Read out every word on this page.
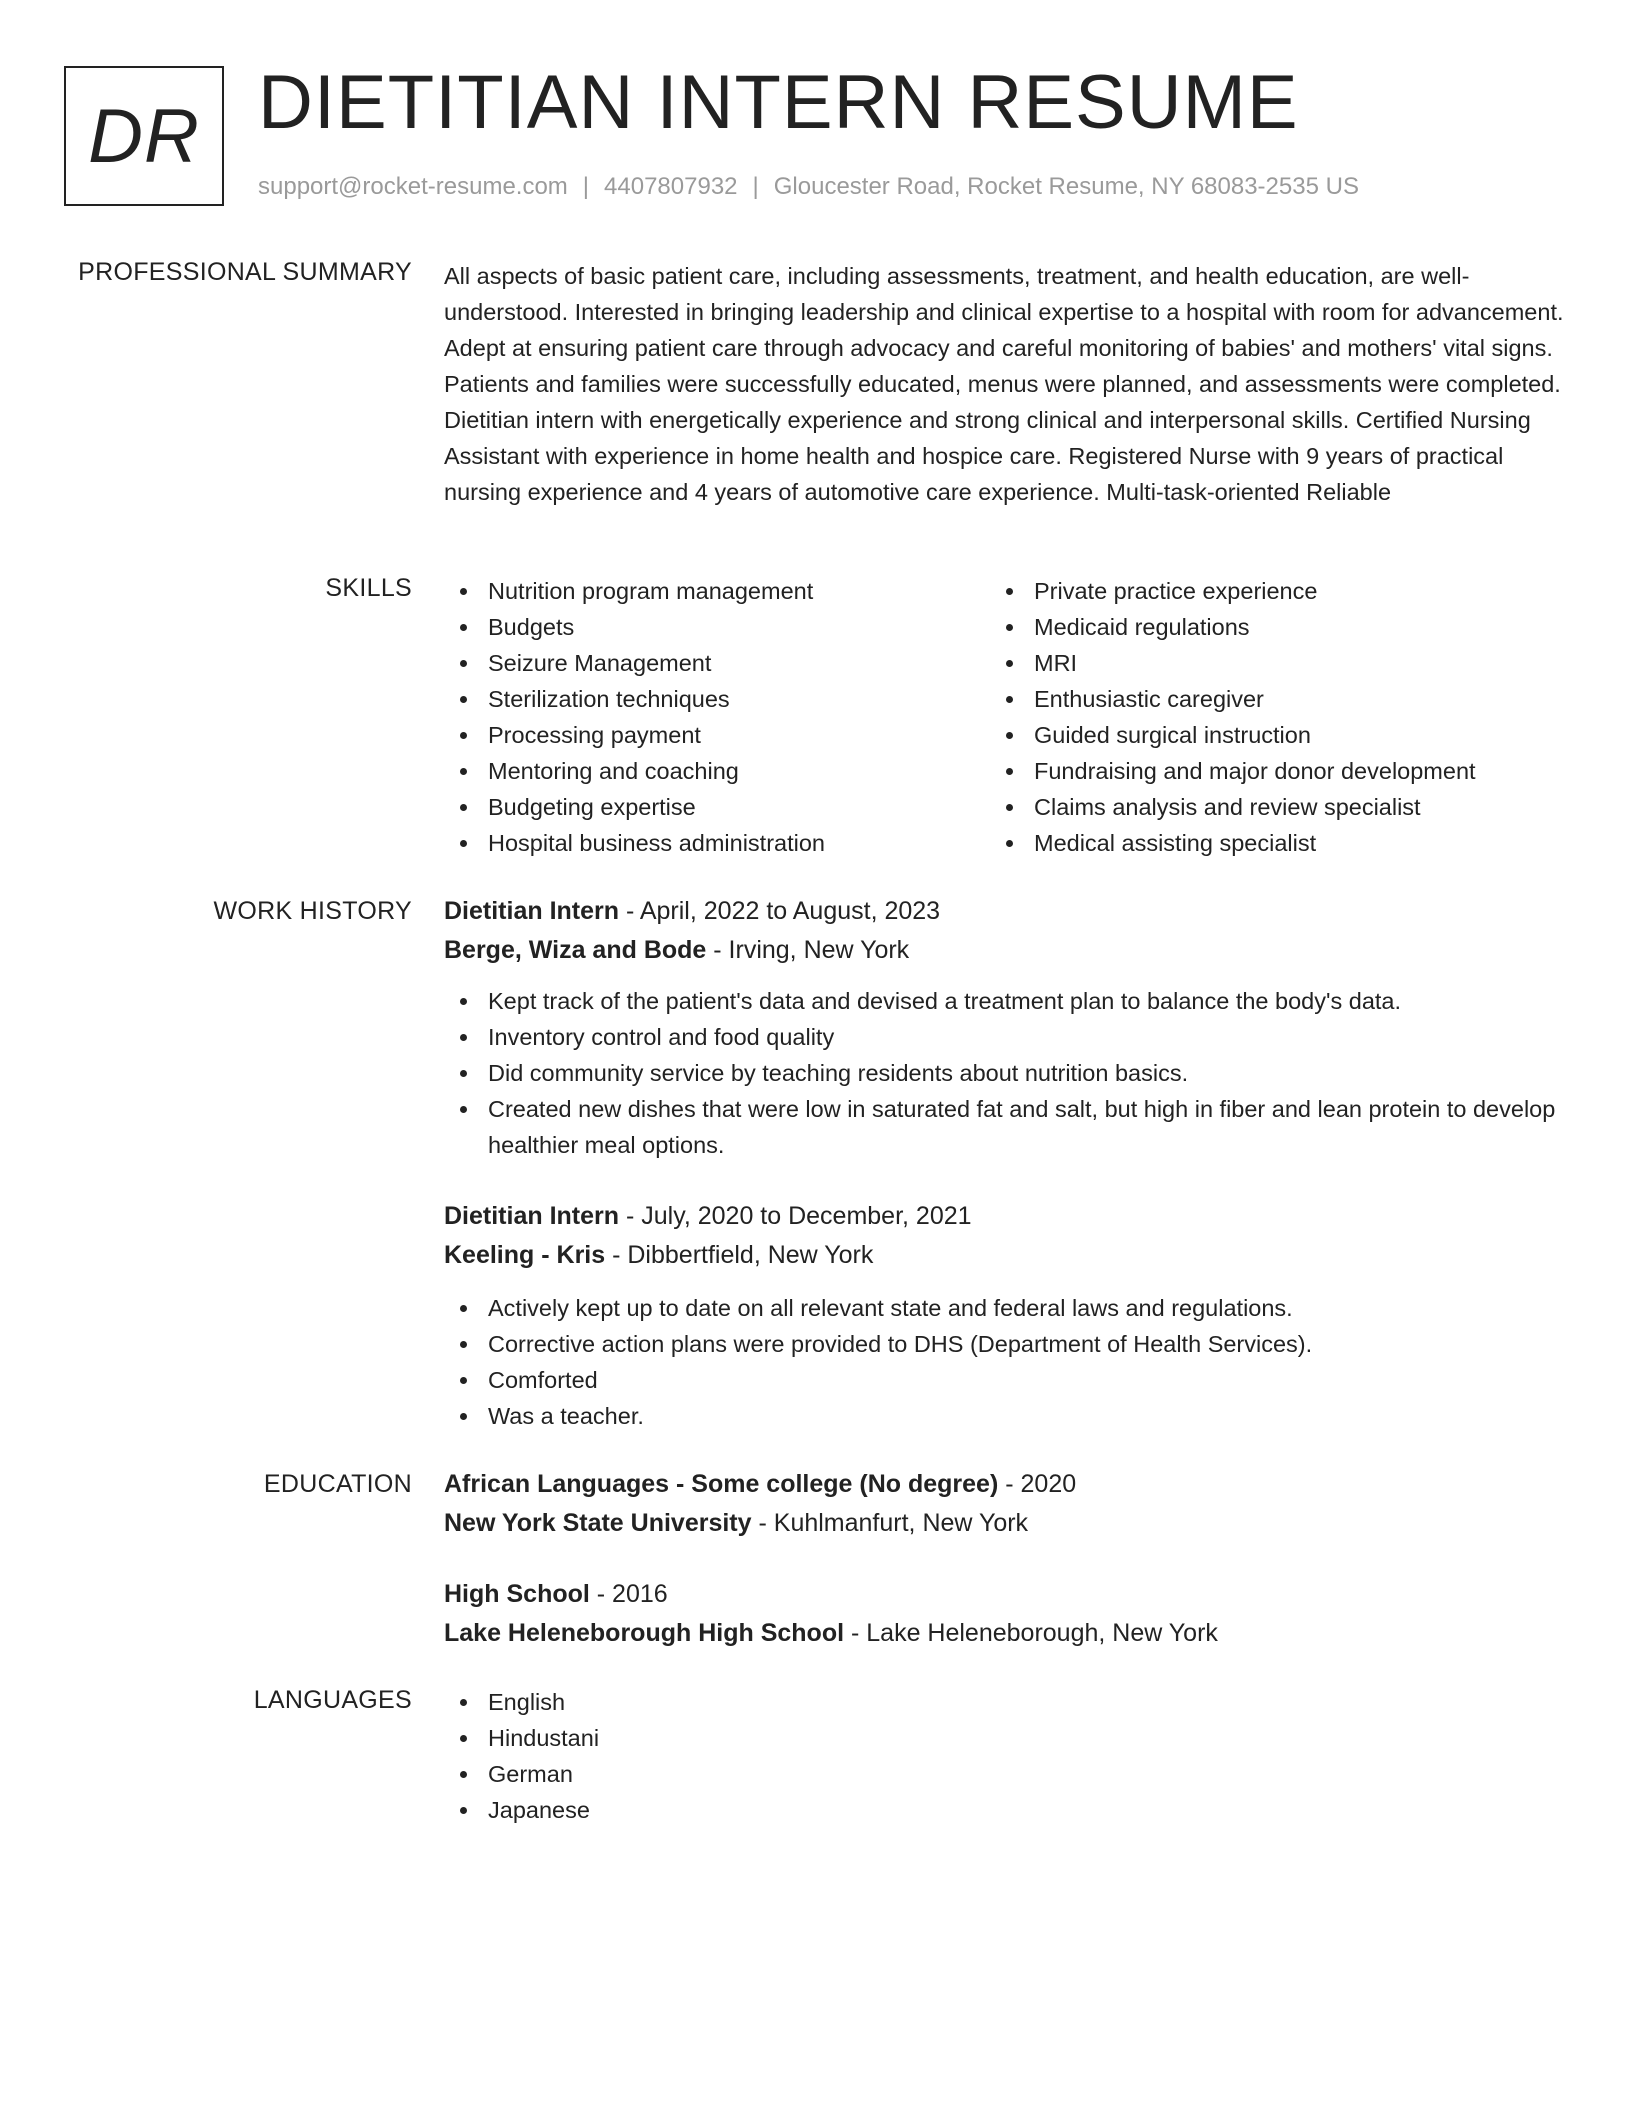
DR DIETITIAN INTERN RESUME
support@rocket-resume.com | 4407807932 | Gloucester Road, Rocket Resume, NY 68083-2535 US
PROFESSIONAL SUMMARY All aspects of basic patient care, including assessments, treatment, and health education, are well-understood. Interested in bringing leadership and clinical expertise to a hospital with room for advancement. Adept at ensuring patient care through advocacy and careful monitoring of babies' and mothers' vital signs. Patients and families were successfully educated, menus were planned, and assessments were completed. Dietitian intern with energetically experience and strong clinical and interpersonal skills. Certified Nursing Assistant with experience in home health and hospice care. Registered Nurse with 9 years of practical nursing experience and 4 years of automotive care experience. Multi-task-oriented Reliable
SKILLS	Nutrition program management
Budgets
Seizure Management
Sterilization techniques
Processing payment
Mentoring and coaching
Budgeting expertise
Hospital business administration
Private practice experience
Medicaid regulations
MRI
Enthusiastic caregiver
Guided surgical instruction
Fundraising and major donor development
Claims analysis and review specialist
Medical assisting specialist
WORK HISTORY Dietitian Intern - April, 2022 to August, 2023
Berge, Wiza and Bode - Irving, New York
Kept track of the patient's data and devised a treatment plan to balance the body's data.
Inventory control and food quality
Did community service by teaching residents about nutrition basics.
Created new dishes that were low in saturated fat and salt, but high in fiber and lean protein to develop healthier meal options.
Dietitian Intern - July, 2020 to December, 2021
Keeling - Kris - Dibbertfield, New York
Actively kept up to date on all relevant state and federal laws and regulations.
Corrective action plans were provided to DHS (Department of Health Services).
Comforted
Was a teacher.
EDUCATION African Languages - Some college (No degree) - 2020
New York State University - Kuhlmanfurt, New York
High School - 2016
Lake Heleneborough High School - Lake Heleneborough, New York
LANGUAGES	English
Hindustani
German
Japanese
